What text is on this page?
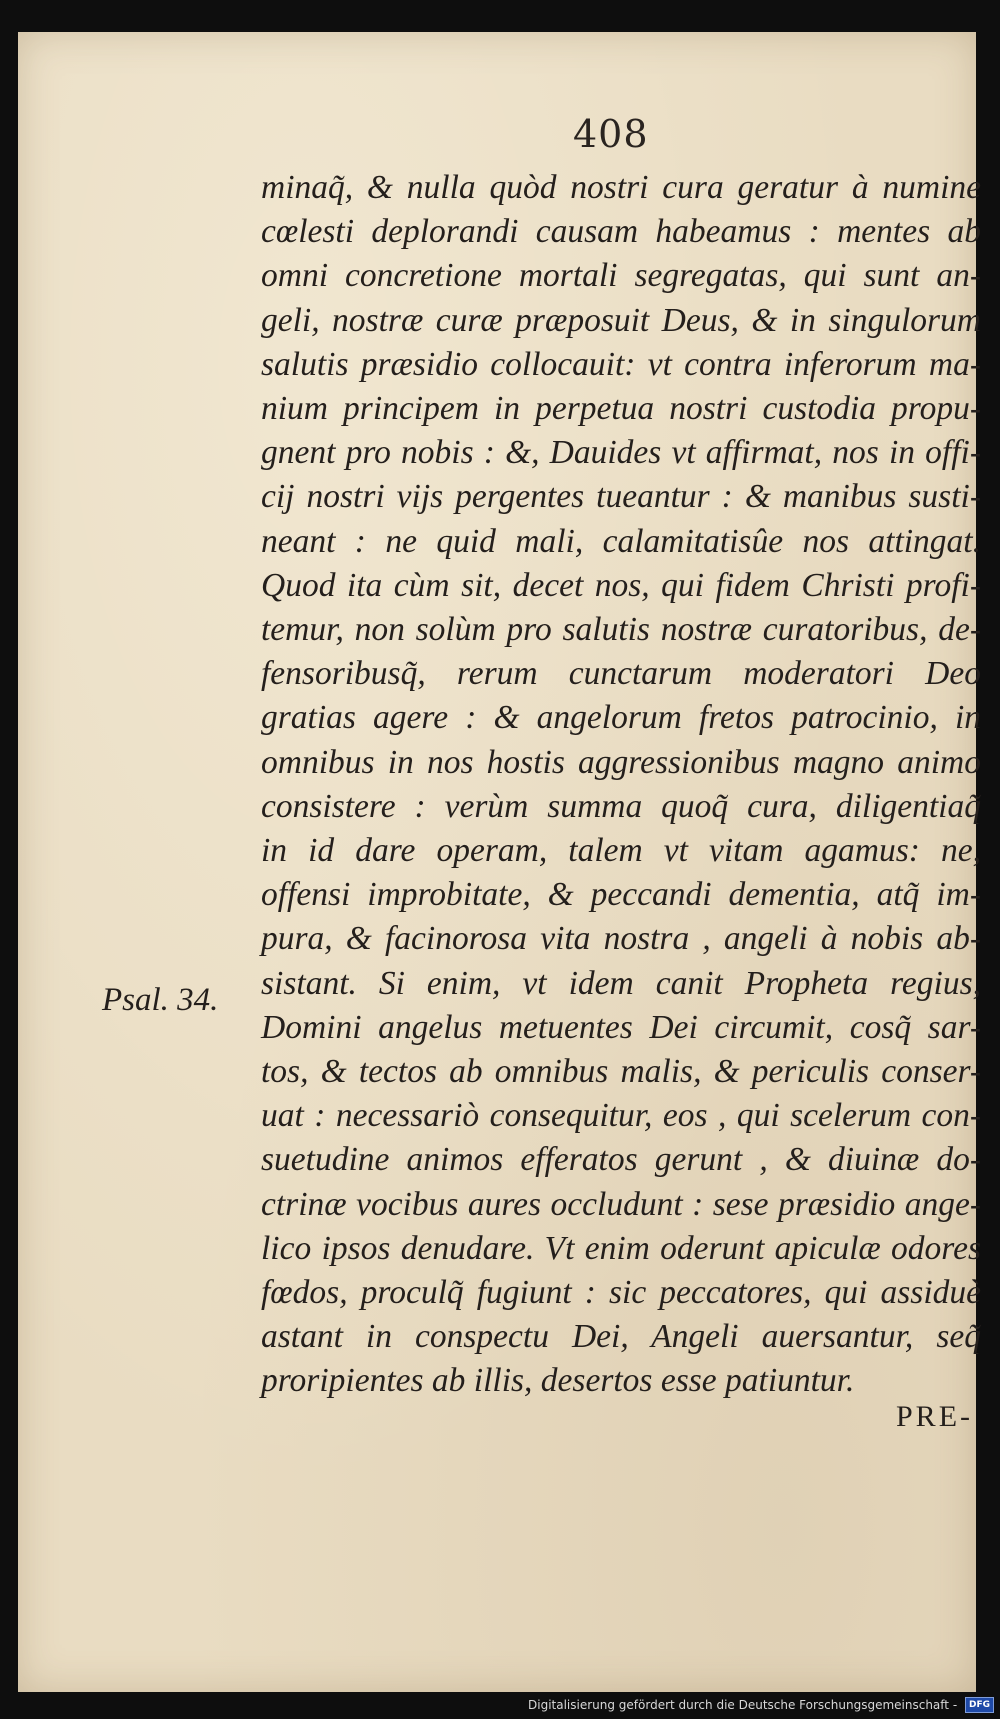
408
Psal. 34.
minaq̃, & nulla quòd nostri cura geratur à numine
cœlesti deplorandi causam habeamus : mentes ab
omni concretione mortali segregatas, qui sunt an-
geli, nostræ curæ præposuit Deus, & in singulorum
salutis præsidio collocauit: vt contra inferorum ma-
nium principem in perpetua nostri custodia propu-
gnent pro nobis : &, Dauides vt affirmat, nos in offi-
cij nostri vijs pergentes tueantur : & manibus susti-
neant : ne quid mali, calamitatisûe nos attingat.
Quod ita cùm sit, decet nos, qui fidem Christi profi-
temur, non solùm pro salutis nostræ curatoribus, de-
fensoribusq̃, rerum cunctarum moderatori Deo
gratias agere : & angelorum fretos patrocinio, in
omnibus in nos hostis aggressionibus magno animo
consistere : verùm summa quoq̃ cura, diligentiaq̃
in id dare operam, talem vt vitam agamus: ne,
offensi improbitate, & peccandi dementia, atq̃ im-
pura, & facinorosa vita nostra , angeli à nobis ab-
sistant. Si enim, vt idem canit Propheta regius,
Domini angelus metuentes Dei circumit, cosq̃ sar-
tos, & tectos ab omnibus malis, & periculis conser-
uat : necessariò consequitur, eos , qui scelerum con-
suetudine animos efferatos gerunt , & diuinæ do-
ctrinæ vocibus aures occludunt : sese præsidio ange-
lico ipsos denudare. Vt enim oderunt apiculæ odores
fœdos, proculq̃ fugiunt : sic peccatores, qui assiduè
astant in conspectu Dei, Angeli auersantur, seq̃
proripientes ab illis, desertos esse patiuntur.
PRE-
Digitalisierung gefördert durch die Deutsche Forschungsgemeinschaft - DFG
